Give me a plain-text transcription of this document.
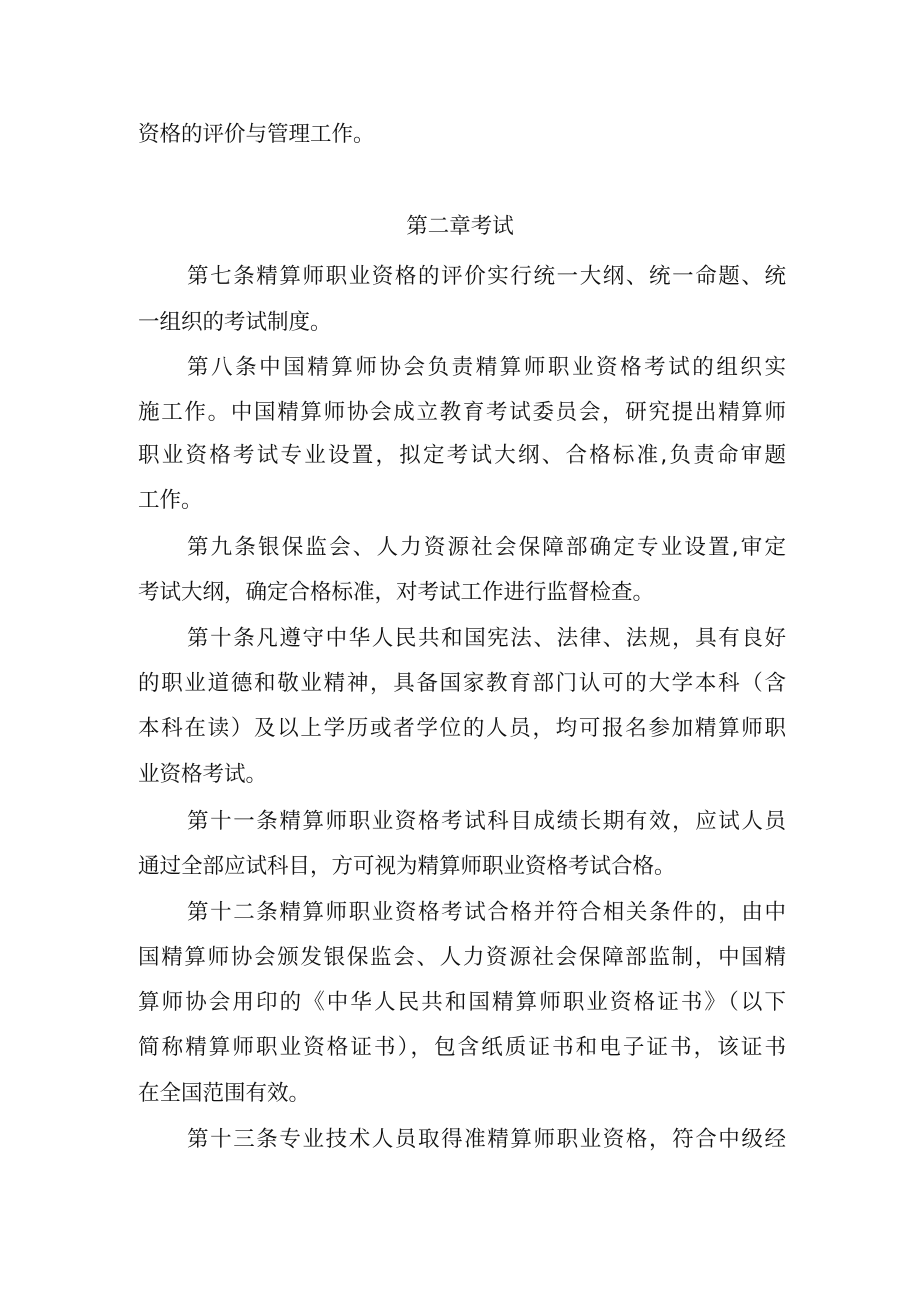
资格的评价与管理工作。
第二章考试
第七条精算师职业资格的评价实行统一大纲、统一命题、统
一组织的考试制度。
第八条中国精算师协会负责精算师职业资格考试的组织实
施工作。中国精算师协会成立教育考试委员会，研究提出精算师
职业资格考试专业设置，拟定考试大纲、合格标准,负责命审题
工作。
第九条银保监会、人力资源社会保障部确定专业设置,审定
考试大纲，确定合格标准，对考试工作进行监督检查。
第十条凡遵守中华人民共和国宪法、法律、法规，具有良好
的职业道德和敬业精神，具备国家教育部门认可的大学本科（含
本科在读）及以上学历或者学位的人员，均可报名参加精算师职
业资格考试。
第十一条精算师职业资格考试科目成绩长期有效，应试人员
通过全部应试科目，方可视为精算师职业资格考试合格。
第十二条精算师职业资格考试合格并符合相关条件的，由中
国精算师协会颁发银保监会、人力资源社会保障部监制，中国精
算师协会用印的《中华人民共和国精算师职业资格证书》（以下
简称精算师职业资格证书），包含纸质证书和电子证书，该证书
在全国范围有效。
第十三条专业技术人员取得准精算师职业资格，符合中级经
